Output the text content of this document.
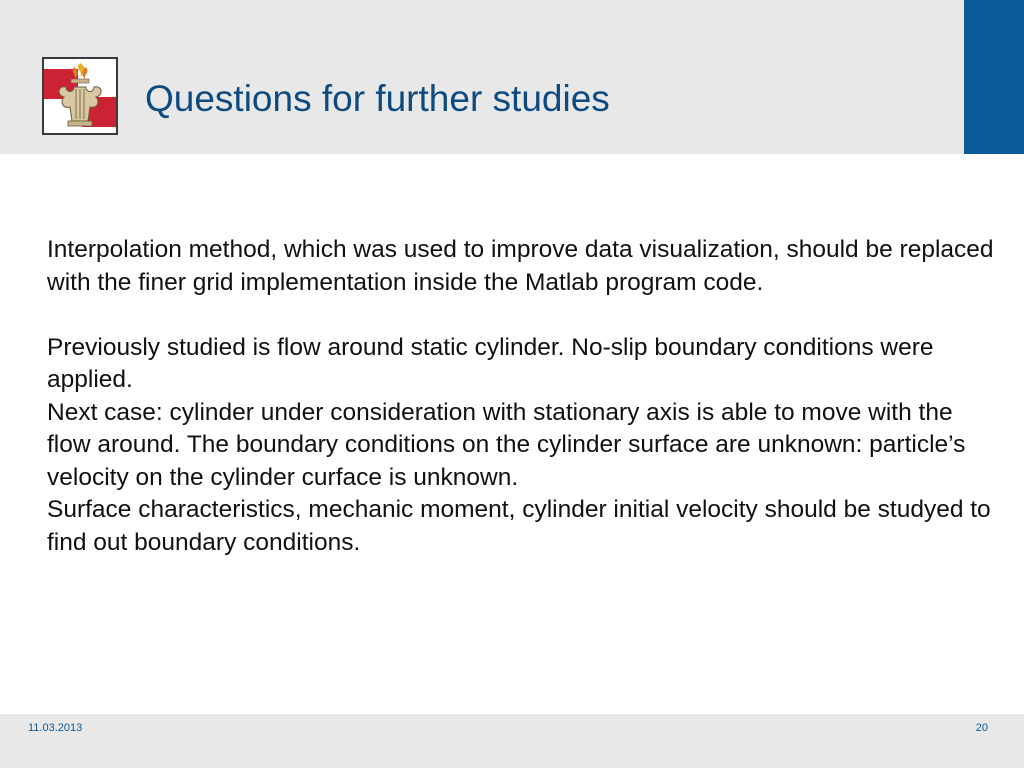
Questions for further studies

Interpolation method, which was used to improve data visualization, should be replaced with the finer grid implementation inside the Matlab program code.

Previously studied is flow around static cylinder. No-slip boundary conditions were applied.

Next case: cylinder under consideration with stationary axis is able to move with the flow around. The boundary conditions on the cylinder surface are unknown: particle’s velocity on the cylinder curface is unknown.

Surface characteristics, mechanic moment, cylinder initial velocity should be studyed to find out boundary conditions.

11.03.2013	20
